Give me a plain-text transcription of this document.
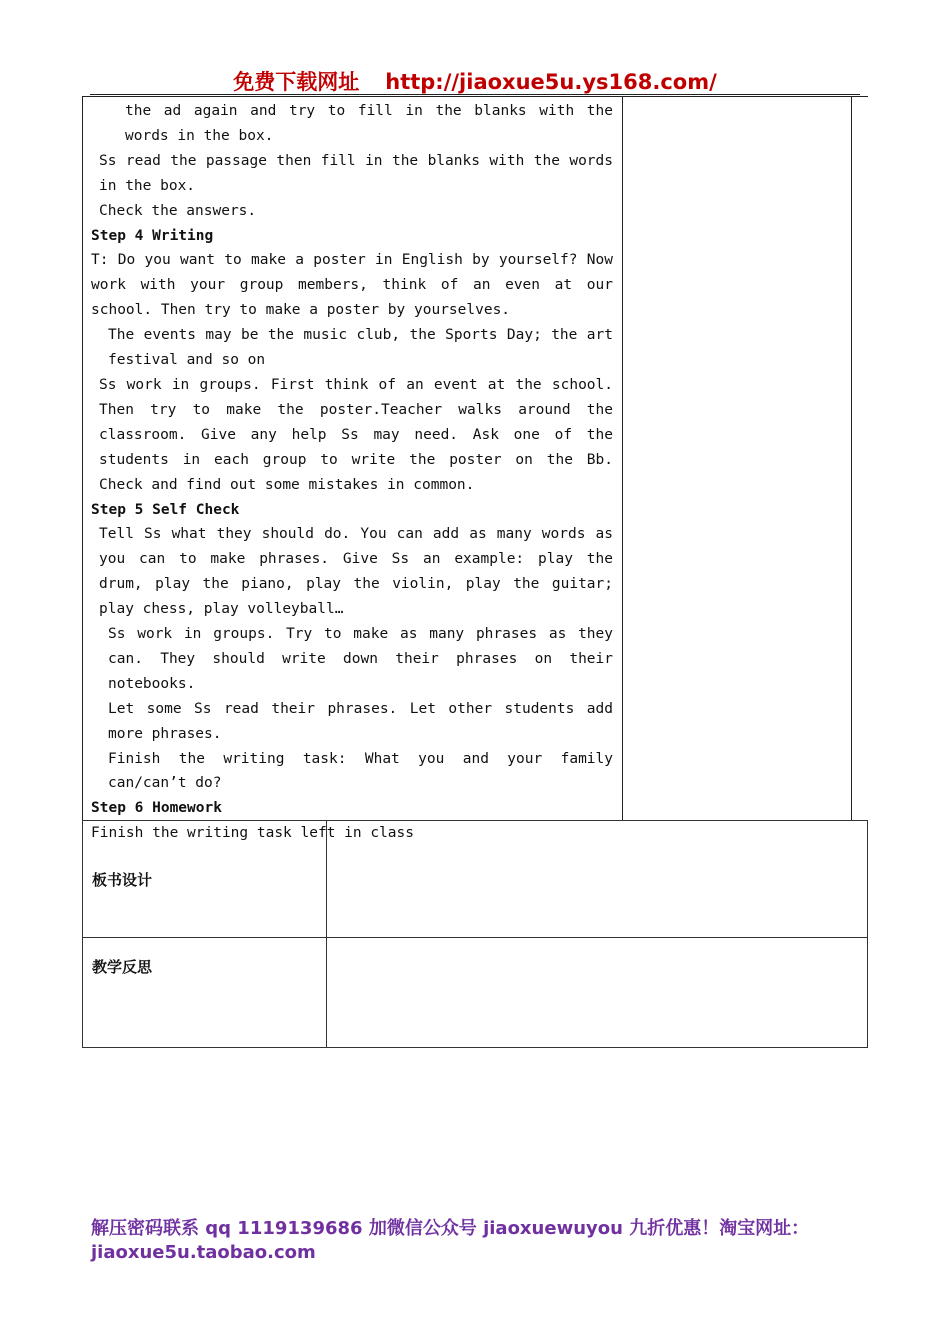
免费下载网址 http://jiaoxue5u.ys168.com/

the ad again and try to fill in the blanks with the words in the box.

Ss read the passage then fill in the blanks with the words in the box.

Check the answers.

Step 4 Writing

T: Do you want to make a poster in English by yourself? Now work with your group members, think of an even at our school. Then try to make a poster by yourselves.

The events may be the music club, the Sports Day; the art festival and so on

Ss work in groups. First think of an event at the school. Then try to make the poster.Teacher walks around the classroom. Give any help Ss may need. Ask one of the students in each group to write the poster on the Bb. Check and find out some mistakes in common.

Step 5 Self Check

Tell Ss what they should do. You can add as many words as you can to make phrases. Give Ss an example: play the drum, play the piano, play the violin, play the guitar; play chess, play volleyball…

Ss work in groups. Try to make as many phrases as they can. They should write down their phrases on their notebooks.

Let some Ss read their phrases. Let other students add more phrases.

Finish the writing task: What you and your family can/can’t do?

Step 6 Homework

Finish the writing task left in class

板书设计	
教学反思	
解压密码联系 qq 1119139686 加微信公众号 jiaoxuewuyou 九折优惠！淘宝网址：jiaoxue5u.taobao.com
